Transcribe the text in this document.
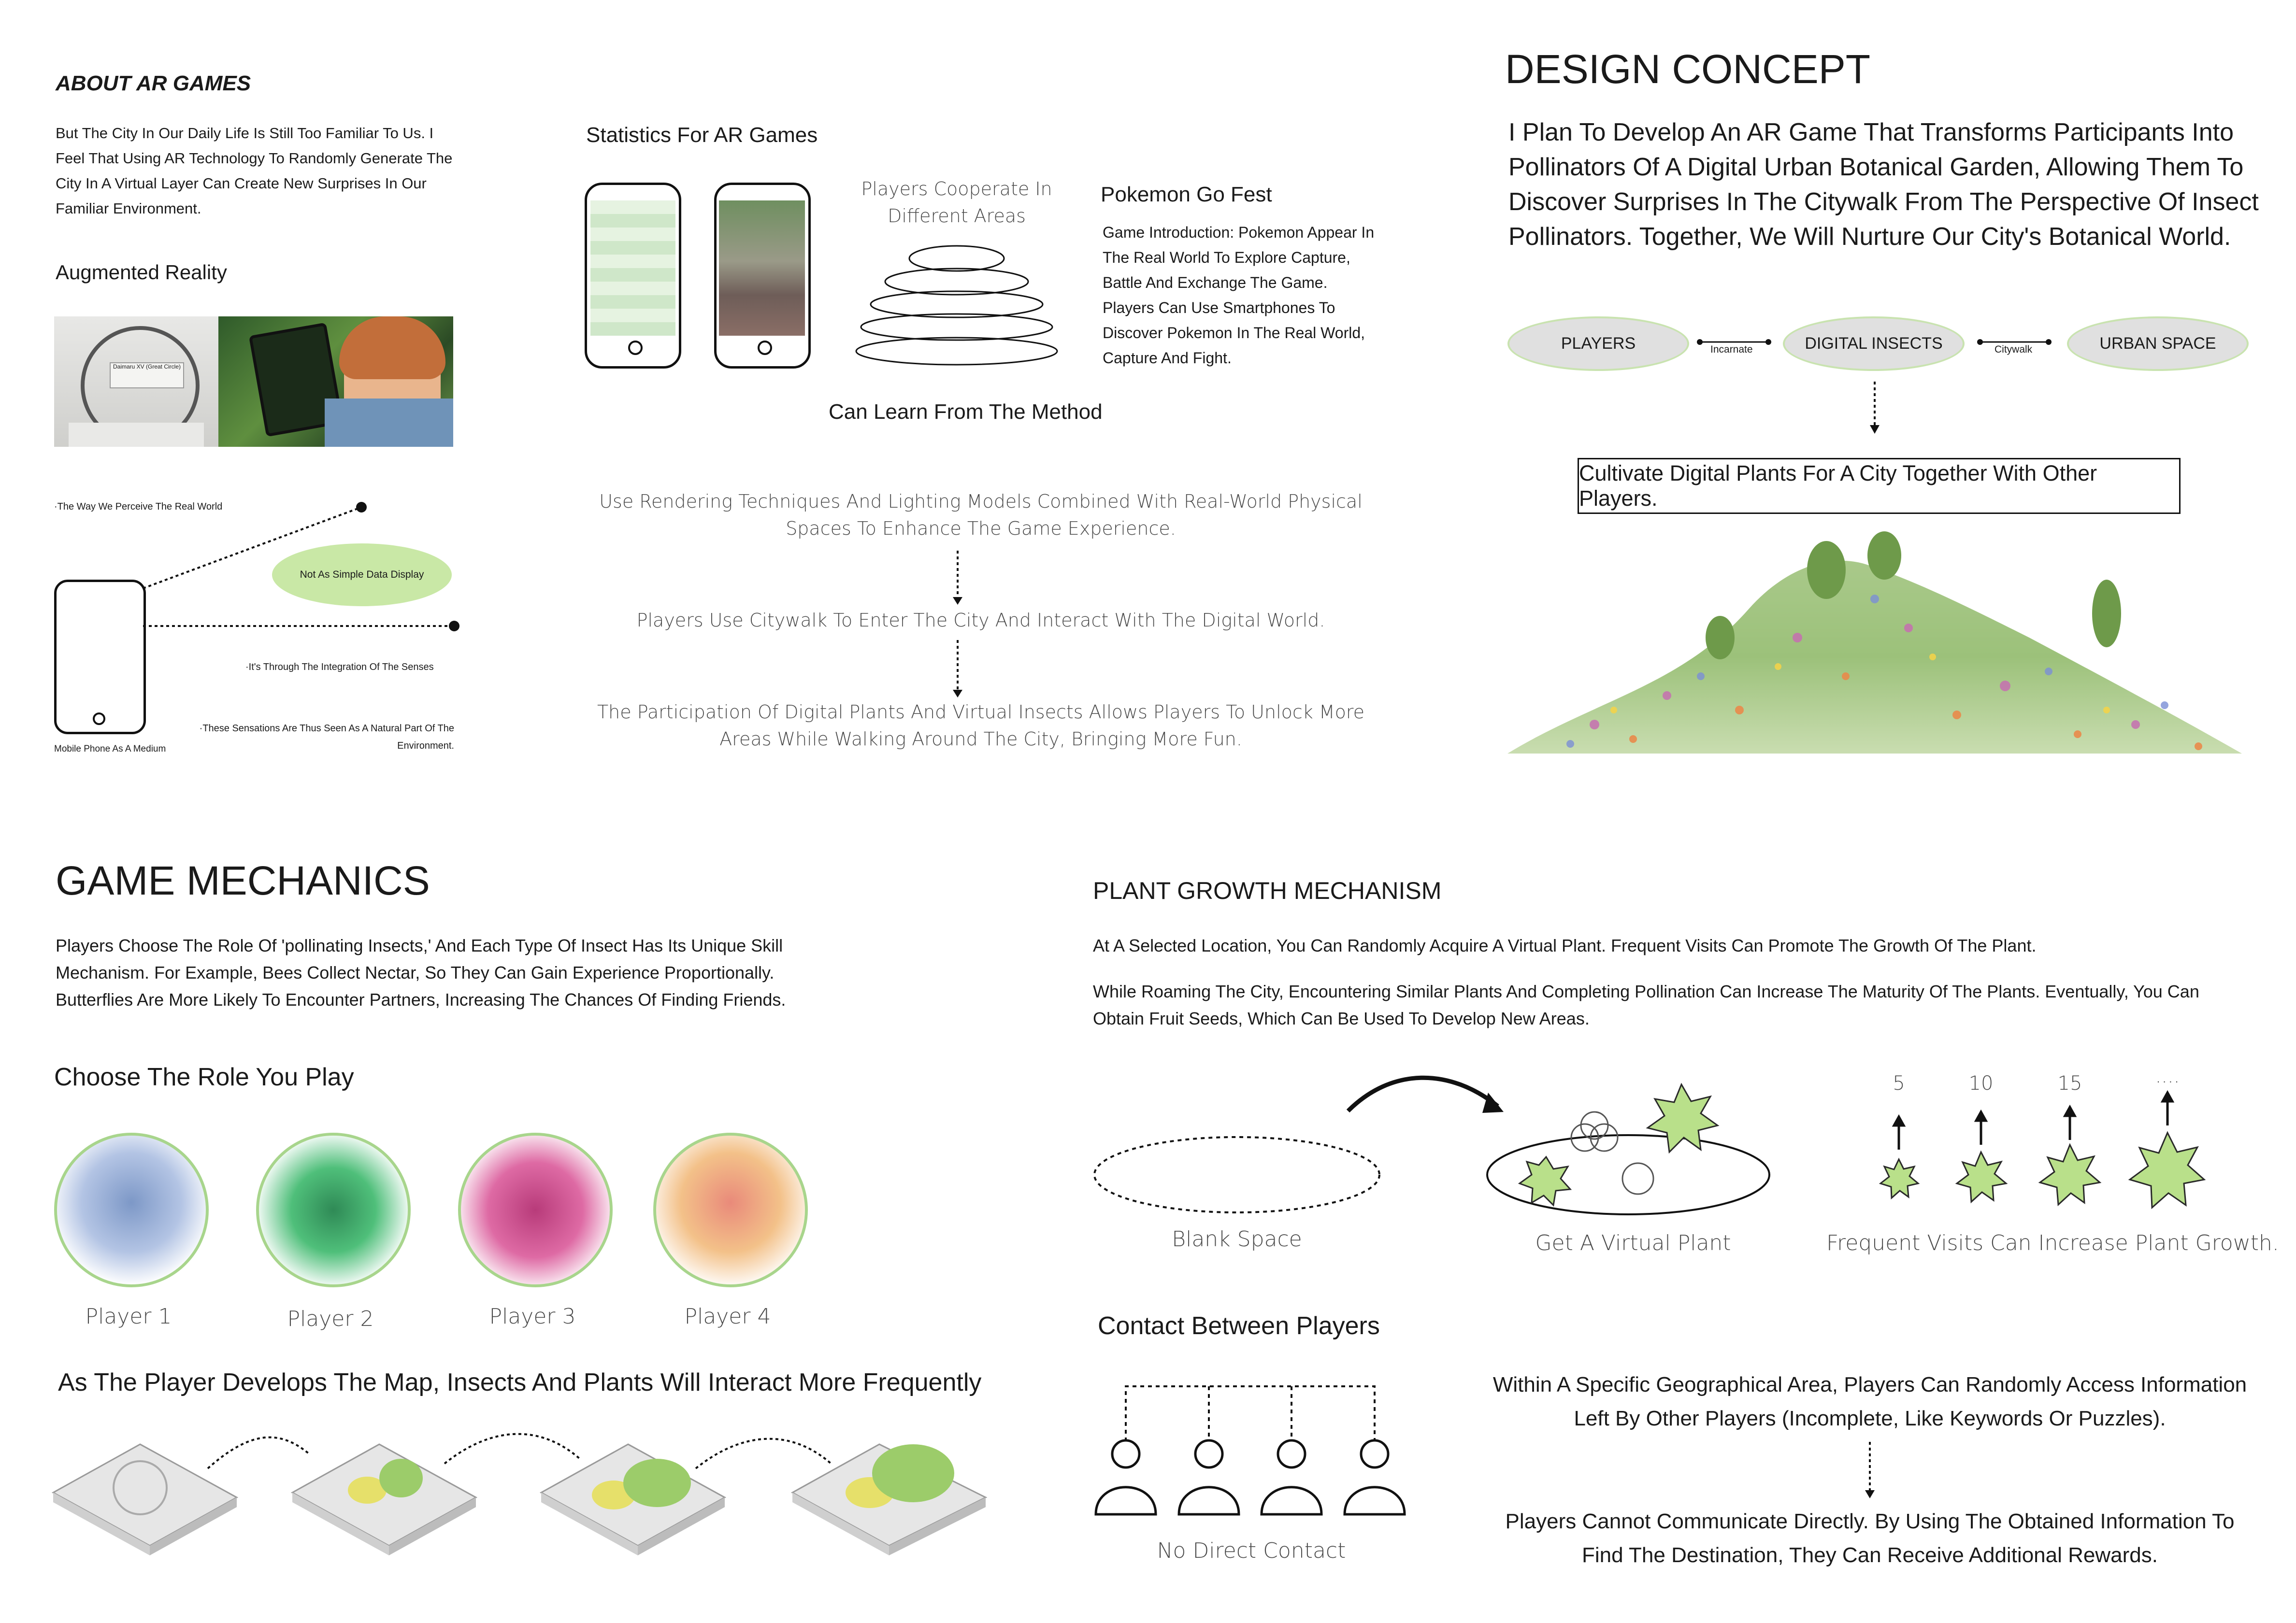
ABOUT AR GAMES
But The City In Our Daily Life Is Still Too Familiar To Us. I Feel That Using AR Technology To Randomly Generate The City In A Virtual Layer Can Create New Surprises In Our Familiar Environment.
Augmented Reality
Daimaru XV (Great Circle)
Mobile Phone As A Medium
·The Way We Perceive The Real World
Not As Simple Data Display
·It's Through The Integration Of The Senses
·These Sensations Are Thus Seen As A Natural Part Of The Environment.
Statistics For AR Games
Players Cooperate In Different Areas
Pokemon Go Fest
Game Introduction: Pokemon Appear In The Real World To Explore Capture, Battle And Exchange The Game. Players Can Use Smartphones To Discover Pokemon In The Real World, Capture And Fight.
Can Learn From The Method
Use Rendering Techniques And Lighting Models Combined With Real-World Physical Spaces To Enhance The Game Experience.
Players Use Citywalk To Enter The City And Interact With The Digital World.
The Participation Of Digital Plants And Virtual Insects Allows Players To Unlock More Areas While Walking Around The City, Bringing More Fun.
DESIGN CONCEPT
I Plan To Develop An AR Game That Transforms Participants Into Pollinators Of A Digital Urban Botanical Garden, Allowing Them To Discover Surprises In The Citywalk From The Perspective Of Insect Pollinators. Together, We Will Nurture Our City's Botanical World.
PLAYERS	DIGITAL INSECTS	URBAN SPACE
Incarnate	Citywalk
Cultivate Digital Plants For A City Together With Other Players.
GAME MECHANICS
Players Choose The Role Of 'pollinating Insects,' And Each Type Of Insect Has Its Unique Skill Mechanism. For Example, Bees Collect Nectar, So They Can Gain Experience Proportionally. Butterflies Are More Likely To Encounter Partners, Increasing The Chances Of Finding Friends.
Choose The Role You Play
Player 1	Player 2	Player 3	Player 4
As The Player Develops The Map, Insects And Plants Will Interact More Frequently
PLANT GROWTH MECHANISM
At A Selected Location, You Can Randomly Acquire A Virtual Plant. Frequent Visits Can Promote The Growth Of The Plant.
While Roaming The City, Encountering Similar Plants And Completing Pollination Can Increase The Maturity Of The Plants. Eventually, You Can Obtain Fruit Seeds, Which Can Be Used To Develop New Areas.
5	10	15	....
Blank Space	Get A Virtual Plant	Frequent Visits Can Increase Plant Growth.
Contact Between Players
No Direct Contact
Within A Specific Geographical Area, Players Can Randomly Access Information Left By Other Players (Incomplete, Like Keywords Or Puzzles).
Players Cannot Communicate Directly. By Using The Obtained Information To Find The Destination, They Can Receive Additional Rewards.
